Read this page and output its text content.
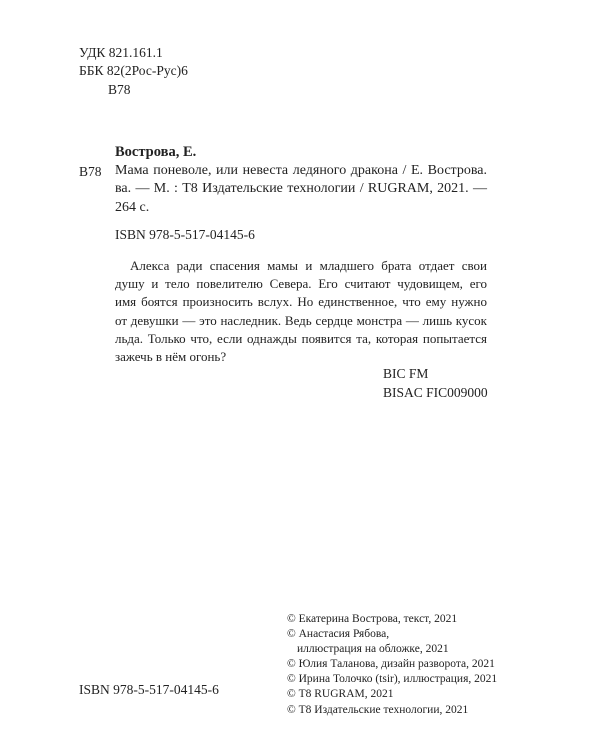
УДК 821.161.1
ББК 82(2Рос-Рус)6
В78
Вострова, Е.
В78 Мама поневоле, или невеста ледяного дракона / Е. Вострова.
ва. — М. : Т8 Издательские технологии / RUGRAM, 2021. —
264 с.
ISBN 978-5-517-04145-6
Алекса ради спасения мамы и младшего брата отдает свои
душу и тело повелителю Севера. Его считают чудовищем, его
имя боятся произносить вслух. Но единственное, что ему нужно
от девушки — это наследник. Ведь сердце монстра — лишь кусок
льда. Только что, если однажды появится та, которая попытается
зажечь в нём огонь?
BIC FM
BISAC FIC009000
ISBN 978-5-517-04145-6
© Екатерина Вострова, текст, 2021
© Анастасия Рябова,
иллюстрация на обложке, 2021
© Юлия Таланова, дизайн разворота, 2021
© Ирина Толочко (tsir), иллюстрация, 2021
© Т8 RUGRAM, 2021
© Т8 Издательские технологии, 2021
